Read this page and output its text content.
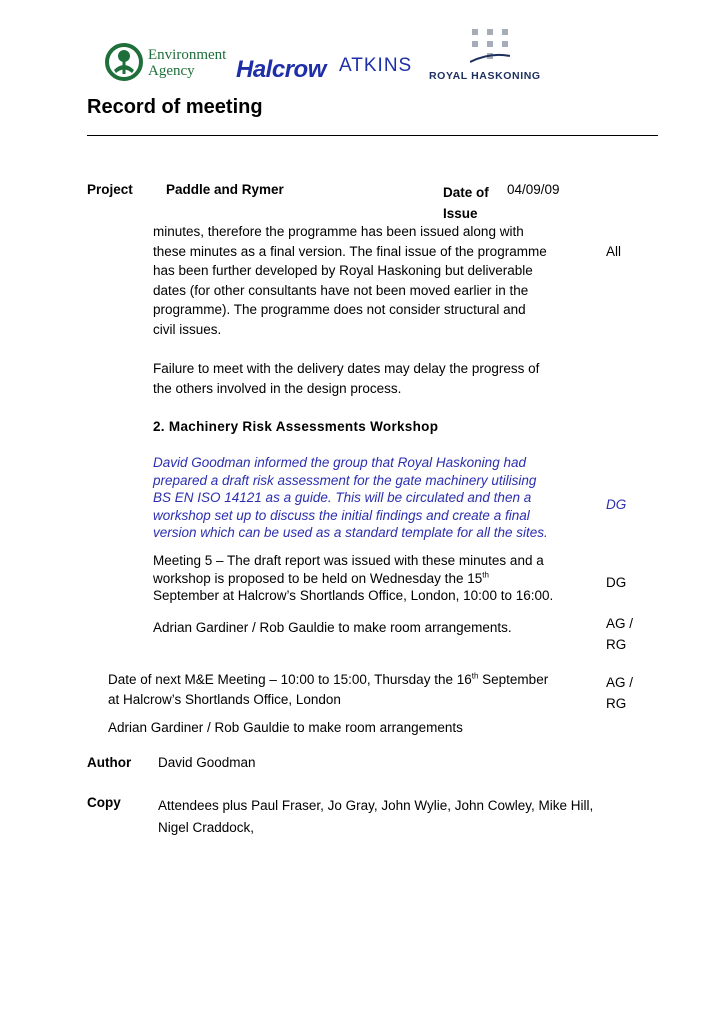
Environment
Agency	Halcrow ATKINS ROYAL HASKONING
Record of meeting
Project Paddle and Rymer	Date of
Issue
04/09/09
minutes, therefore the programme has been issued along with
these minutes as a final version. The final issue of the programme
has been further developed by Royal Haskoning but deliverable
dates (for other consultants have not been moved earlier in the
programme). The programme does not consider structural and
civil issues.
All
Failure to meet with the delivery dates may delay the progress of
the others involved in the design process.
2. Machinery Risk Assessments Workshop
David Goodman informed the group that Royal Haskoning had
prepared a draft risk assessment for the gate machinery utilising
BS EN ISO 14121 as a guide. This will be circulated and then a
workshop set up to discuss the initial findings and create a final
version which can be used as a standard template for all the sites.
DG
Meeting 5 – The draft report was issued with these minutes and a
workshop is proposed to be held on Wednesday the 15th
September at Halcrow’s Shortlands Office, London, 10:00 to 16:00.
DG
Adrian Gardiner / Rob Gauldie to make room arrangements.	AG /
RG
Date of next M&E Meeting – 10:00 to 15:00, Thursday the 16th September
at Halcrow’s Shortlands Office, London
AG /
RG
Adrian Gardiner / Rob Gauldie to make room arrangements
Author David Goodman
Copy	Attendees plus Paul Fraser, Jo Gray, John Wylie, John Cowley, Mike Hill,
Nigel Craddock,
